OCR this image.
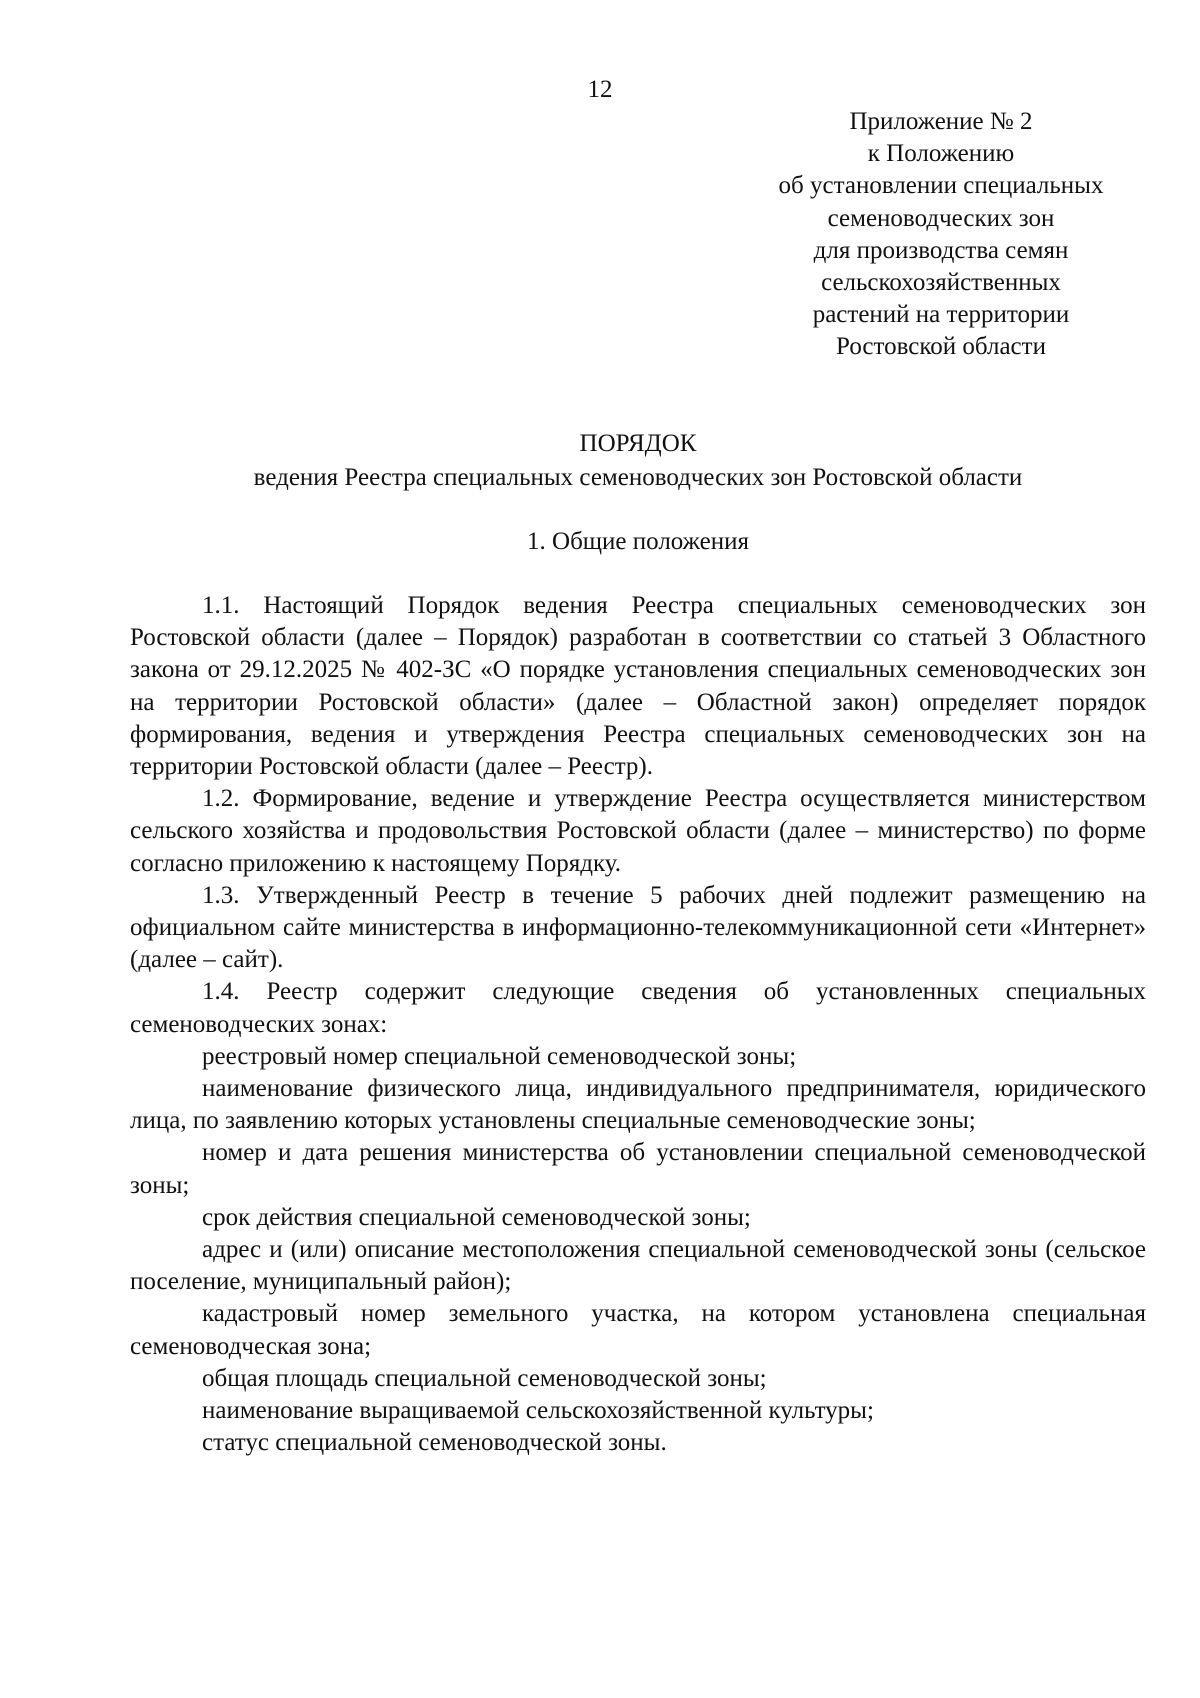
12
Приложение № 2
к Положению
об установлении специальных
семеноводческих зон
для производства семян
сельскохозяйственных
растений на территории
Ростовской области
ПОРЯДОК
ведения Реестра специальных семеноводческих зон Ростовской области
1. Общие положения

1.1. Настоящий Порядок ведения Реестра специальных семеноводческих зон Ростовской области (далее – Порядок) разработан в соответствии со статьей 3 Областного закона от 29.12.2025 № 402-ЗС «О порядке установления специальных семеноводческих зон на территории Ростовской области» (далее – Областной закон) определяет порядок формирования, ведения и утверждения Реестра специальных семеноводческих зон на территории Ростовской области (далее – Реестр).

1.2. Формирование, ведение и утверждение Реестра осуществляется министерством сельского хозяйства и продовольствия Ростовской области (далее – министерство) по форме согласно приложению к настоящему Порядку.

1.3. Утвержденный Реестр в течение 5 рабочих дней подлежит размещению на официальном сайте министерства в информационно-телекоммуникационной сети «Интернет» (далее – сайт).

1.4. Реестр содержит следующие сведения об установленных специальных семеноводческих зонах:

реестровый номер специальной семеноводческой зоны;

наименование физического лица, индивидуального предпринимателя, юридического лица, по заявлению которых установлены специальные семеноводческие зоны;

номер и дата решения министерства об установлении специальной семеноводческой зоны;

срок действия специальной семеноводческой зоны;

адрес и (или) описание местоположения специальной семеноводческой зоны (сельское поселение, муниципальный район);

кадастровый номер земельного участка, на котором установлена специальная семеноводческая зона;

общая площадь специальной семеноводческой зоны;

наименование выращиваемой сельскохозяйственной культуры;

статус специальной семеноводческой зоны.
